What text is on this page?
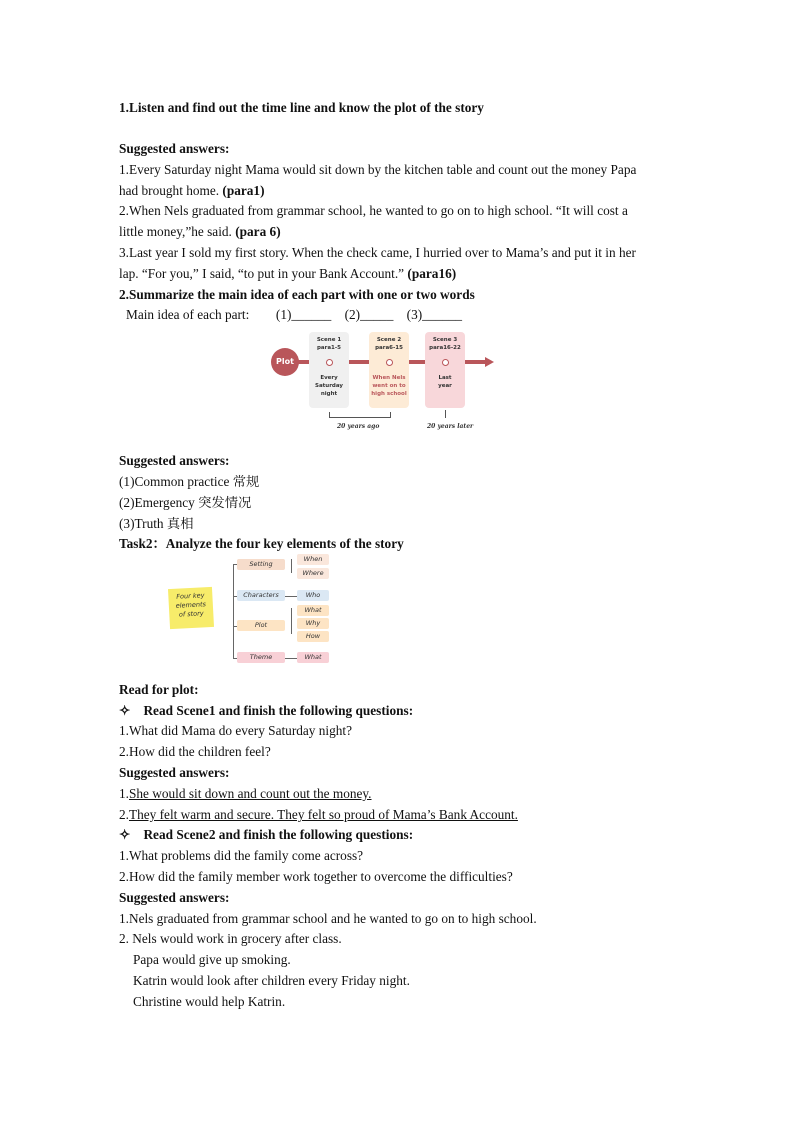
1.Listen and find out the time line and know the plot of the story
Suggested answers:
1.Every Saturday night Mama would sit down by the kitchen table and count out the money Papa
had brought home. (para1)
2.When Nels graduated from grammar school, he wanted to go on to high school. “It will cost a
little money,”he said. (para 6)
3.Last year I sold my first story. When the check came, I hurried over to Mama’s and put it in her
lap. “For you,” I said, “to put in your Bank Account.” (para16)
2.Summarize the main idea of each part with one or two words
Main idea of each part:        (1)______    (2)_____    (3)______
Scene 1
para1-5
Every
Saturday
night
Scene 2
para6-15
When Nels
went on to
high school
Scene 3
para16-22
Last
year
Plot
20 years ago	20 years later
Suggested answers:
(1)Common practice 常规
(2)Emergency 突发情况
(3)Truth 真相
Task2：Analyze the four key elements of the story
Four key
elements
of story
Setting
When
Where
Characters	Who
Plot
What
Why
How
Theme	What
Read for plot:
✧ Read Scene1 and finish the following questions:
1.What did Mama do every Saturday night?
2.How did the children feel?
Suggested answers:
1.She would sit down and count out the money.
2.They felt warm and secure. They felt so proud of Mama’s Bank Account.
✧ Read Scene2 and finish the following questions:
1.What problems did the family come across?
2.How did the family member work together to overcome the difficulties?
Suggested answers:
1.Nels graduated from grammar school and he wanted to go on to high school.
2. Nels would work in grocery after class.
Papa would give up smoking.
Katrin would look after children every Friday night.
Christine would help Katrin.
